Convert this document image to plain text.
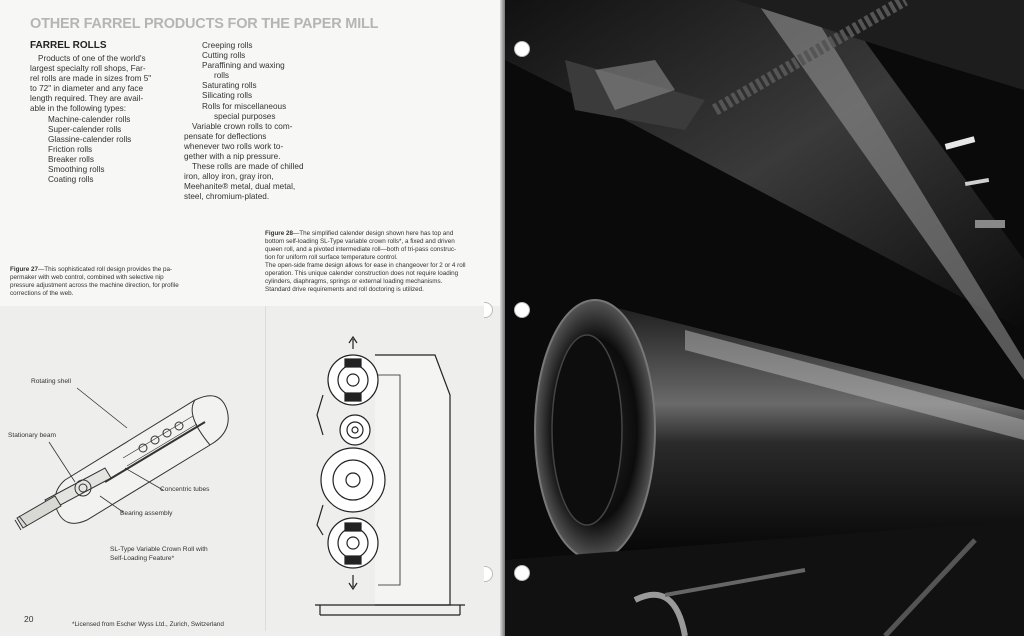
OTHER FARREL PRODUCTS FOR THE PAPER MILL
FARREL ROLLS

Products of one of the world's

largest specialty roll shops, Far-

rel rolls are made in sizes from 5"

to 72" in diameter and any face

length required. They are avail-

able in the following types:

Machine-calender rolls
Super-calender rolls
Glassine-calender rolls
Friction rolls
Breaker rolls
Smoothing rolls
Coating rolls
Creeping rolls
Cutting rolls
Paraffining and waxing
rolls
Saturating rolls
Silicating rolls
Rolls for miscellaneous
special purposes

Variable crown rolls to com-

pensate for deflections

whenever two rolls work to-

gether with a nip pressure.

These rolls are made of chilled

iron, alloy iron, gray iron,

Meehanite® metal, dual metal,

steel, chromium-plated.

Figure 27—This sophisticated roll design provides the pa-

permaker with web control, combined with selective nip

pressure adjustment across the machine direction, for profile

corrections of the web.

Figure 28—The simplified calender design shown here has top and

bottom self-loading SL-Type variable crown rolls*, a fixed and driven

queen roll, and a pivoted intermediate roll—both of tri-pass construc-

tion for uniform roll surface temperature control.

The open-side frame design allows for ease in changeover for 2 or 4 roll

operation. This unique calender construction does not require loading

cylinders, diaphragms, springs or external loading mechanisms.

Standard drive requirements and roll doctoring is utilized.

Rotating shell
Stationary beam
Concentric tubes
Bearing assembly

SL-Type Variable Crown Roll with

Self-Loading Feature*

20
*Licensed from Escher Wyss Ltd., Zurich, Switzerland
